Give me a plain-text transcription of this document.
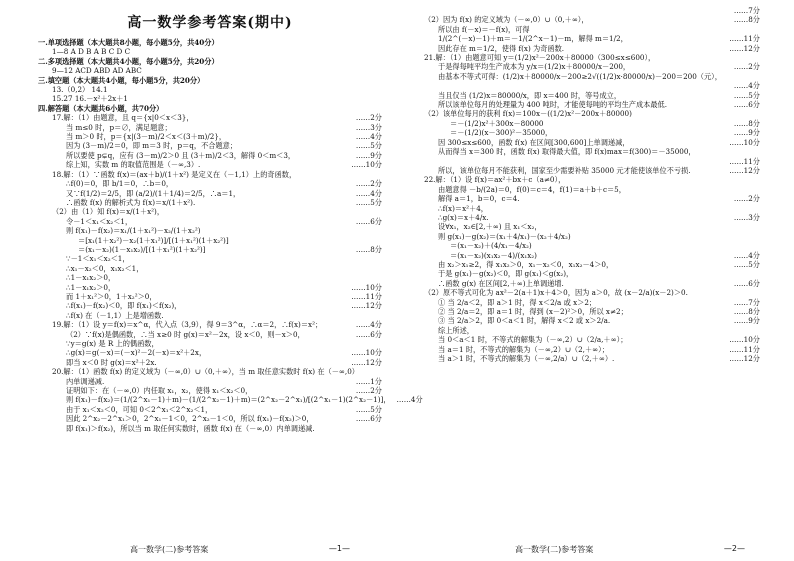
高一数学参考答案(期中)
一.单项选择题（本大题共8小题，每小题5分，共40分）
1—8 A D B A B C D C
二.多项选择题（本大题共4小题，每小题5分，共20分）
9—12 ACD ABD AD ABC
三.填空题（本大题共4小题，每小题5分，共20分）
13.（0,2） 14.1
15.27 16.－x²＋2x＋1
四.解答题（本大题共6小题，共70分）
17.解：（1）由题意，且 q＝{x|0＜x＜3}，	……2分
当 m≤0 时，p＝∅，满足题意；	……3分
当 m＞0 时，p＝{x|(3－m)/2＜x＜(3＋m)/2}，	……4分
因为 (3－m)/2＝0，即 m＝3 时，p＝q，不合题意；	……5分
所以要使 p⊊q，应有 (3－m)/2＞0 且 (3＋m)/2＜3，解得 0＜m＜3，	……9分
综上知，实数 m 的取值范围是（－∞,3）.	……10分
18.解：（1）∵函数 f(x)＝(ax＋b)/(1＋x²) 是定义在（－1,1）上的奇函数，
∴f(0)＝0，即 b/1＝0，∴b＝0，	……2分
又∵f(1/2)＝2/5，即 (a/2)/(1＋1/4)＝2/5，∴a＝1，	……4分
∴函数 f(x) 的解析式为 f(x)＝x/(1＋x²).	……5分
（2）由（1）知 f(x)＝x/(1＋x²)，
令－1＜x₁＜x₂＜1，	……6分
则 f(x₁)－f(x₂)＝x₁/(1＋x₁²)－x₂/(1＋x₂²)
＝[x₁(1＋x₂²)－x₂(1＋x₁²)]/[(1＋x₁²)(1＋x₂²)]
＝(x₁－x₂)(1－x₁x₂)/[(1＋x₁²)(1＋x₂²)]	……8分
∵－1＜x₁＜x₂＜1，
∴x₁－x₂＜0，x₁x₂＜1，
∴1－x₁x₂＞0，
∴1－x₁x₂＞0，	……10分
而 1＋x₁²＞0，1＋x₂²＞0，	……11分
∴f(x₁)－f(x₂)＜0，即 f(x₁)＜f(x₂)，	……12分
∴f(x) 在（－1,1）上是增函数.
19.解：（1）设 y＝f(x)＝x^α，代入点（3,9），得 9＝3^α，∴α＝2，∴f(x)＝x²；	……4分
（2）∵f(x)是偶函数，∴当 x≥0 时 g(x)＝x²－2x，设 x＜0，则－x＞0，	……6分
∵y＝g(x) 是 R 上的偶函数，
∴g(x)＝g(－x)＝(－x)²－2(－x)＝x²＋2x，	……10分
即当 x＜0 时 g(x)＝x²＋2x.	……12分
20.解：（1）函数 f(x) 的定义域为（－∞,0）∪（0,＋∞），当 m 取任意实数时 f(x) 在（－∞,0）
内单调递减.	……1分
证明如下：在（－∞,0）内任取 x₁，x₂，使得 x₁＜x₂＜0，	……2分
则 f(x₁)－f(x₂)＝(1/(2^x₁－1)＋m)－(1/(2^x₂－1)＋m)＝(2^x₂－2^x₁)/[(2^x₁－1)(2^x₂－1)]， ……4分
由于 x₁＜x₂＜0，可知 0＜2^x₁＜2^x₂＜1，	……5分
因此 2^x₂－2^x₁＞0，2^x₁－1＜0，2^x₂－1＜0，所以 f(x₁)－f(x₂)＞0，	……6分
即 f(x₁)＞f(x₂)，所以当 m 取任何实数时，函数 f(x) 在（－∞,0）内单调递减.
……7分
（2）因为 f(x) 的定义域为（－∞,0）∪（0,＋∞），	……8分
所以由 f(－x)＝－f(x)，可得
1/(2^(－x)－1)＋m＝－1/(2^x－1)－m，解得 m＝1/2，	……11分
因此存在 m＝1/2，使得 f(x) 为奇函数.	……12分
21.解：（1）由题意可知 y＝(1/2)x²－200x＋80000（300≤x≤600），
于是得每吨平均生产成本为 y/x＝(1/2)x＋80000/x－200，	……2分
由基本不等式可得：(1/2)x＋80000/x－200≥2√((1/2)x·80000/x)－200＝200（元），
……4分
当且仅当 (1/2)x＝80000/x，即 x＝400 时，等号成立，	……5分
所以该单位每月的处理量为 400 吨时，才能使每吨的平均生产成本最低.	……6分
（2）该单位每月的获利 f(x)＝100x－((1/2)x²－200x＋80000)
＝－(1/2)x²＋300x－80000	……8分
＝－(1/2)(x－300)²－35000，	……9分
因 300≤x≤600，函数 f(x) 在区间[300,600]上单调递减，	……10分
从而得当 x＝300 时，函数 f(x) 取得最大值，即 f(x)max＝f(300)＝－35000，
……11分
所以，该单位每月不能获利，国家至少需要补贴 35000 元才能使该单位不亏损.	……12分
22.解：（1）设 f(x)＝ax²＋bx＋c（a≠0），
由题意得 －b/(2a)＝0，f(0)＝c＝4，f(1)＝a＋b＋c＝5，
解得 a＝1，b＝0，c＝4.	……2分
∴f(x)＝x²＋4，
∴g(x)＝x＋4/x.	……3分
设∀x₁，x₂∈[2,＋∞) 且 x₁＜x₂，
则 g(x₁)－g(x₂)＝(x₁＋4/x₁)－(x₂＋4/x₂)
＝(x₁－x₂)＋(4/x₁－4/x₂)
＝(x₁－x₂)(x₁x₂－4)/(x₁x₂)	……4分
由 x₂＞x₁≥2，得 x₁x₂＞0，x₁－x₂＜0，x₁x₂－4＞0，	……5分
于是 g(x₁)－g(x₂)＜0，即 g(x₁)＜g(x₂)，
∴函数 g(x) 在区间[2,＋∞)上单调递增.	……6分
（2）原不等式可化为 ax²－2(a＋1)x＋4＞0，因为 a＞0，故 (x－2/a)(x－2)＞0.
① 当 2/a＜2，即 a＞1 时，得 x＜2/a 或 x＞2；	……7分
② 当 2/a＝2，即 a＝1 时，得到 (x－2)²＞0，所以 x≠2；	……8分
③ 当 2/a＞2，即 0＜a＜1 时，解得 x＜2 或 x＞2/a.	……9分
综上所述，
当 0＜a＜1 时，不等式的解集为（－∞,2）∪（2/a,＋∞）；	……10分
当 a＝1 时，不等式的解集为（－∞,2）∪（2,＋∞）；	……11分
当 a＞1 时，不等式的解集为（－∞,2/a）∪（2,＋∞）.	……12分
高一数学(二)参考答案	—1—	高一数学(二)参考答案	—2—
